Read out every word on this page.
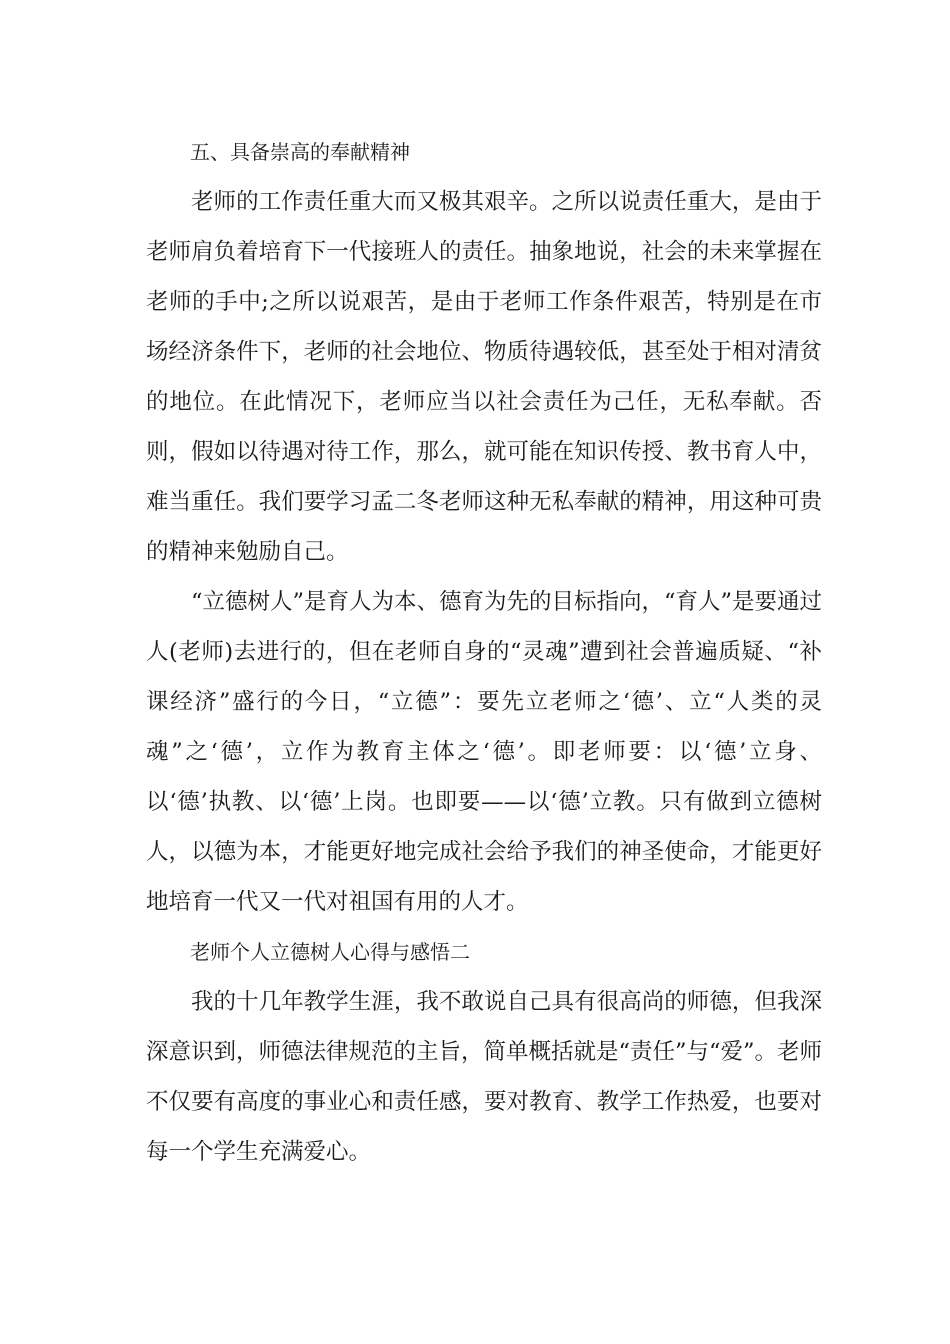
五、具备崇高的奉献精神

老师的工作责任重大而又极其艰辛。之所以说责任重大，是由于老师肩负着培育下一代接班人的责任。抽象地说，社会的未来掌握在老师的手中;之所以说艰苦，是由于老师工作条件艰苦，特别是在市场经济条件下，老师的社会地位、物质待遇较低，甚至处于相对清贫的地位。在此情况下，老师应当以社会责任为己任，无私奉献。否则，假如以待遇对待工作，那么，就可能在知识传授、教书育人中，难当重任。我们要学习孟二冬老师这种无私奉献的精神，用这种可贵的精神来勉励自己。

“立德树人”是育人为本、德育为先的目标指向，“育人”是要通过人(老师)去进行的，但在老师自身的“灵魂”遭到社会普遍质疑、“补课经济”盛行的今日，“立德”：要先立老师之‘德’、立“人类的灵魂”之‘德’，立作为教育主体之‘德’。即老师要：以‘德’立身、以‘德’执教、以‘德’上岗。也即要——以‘德’立教。只有做到立德树人，以德为本，才能更好地完成社会给予我们的神圣使命，才能更好地培育一代又一代对祖国有用的人才。

老师个人立德树人心得与感悟二

我的十几年教学生涯，我不敢说自己具有很高尚的师德，但我深深意识到，师德法律规范的主旨，简单概括就是“责任”与“爱”。老师不仅要有高度的事业心和责任感，要对教育、教学工作热爱，也要对每一个学生充满爱心。
